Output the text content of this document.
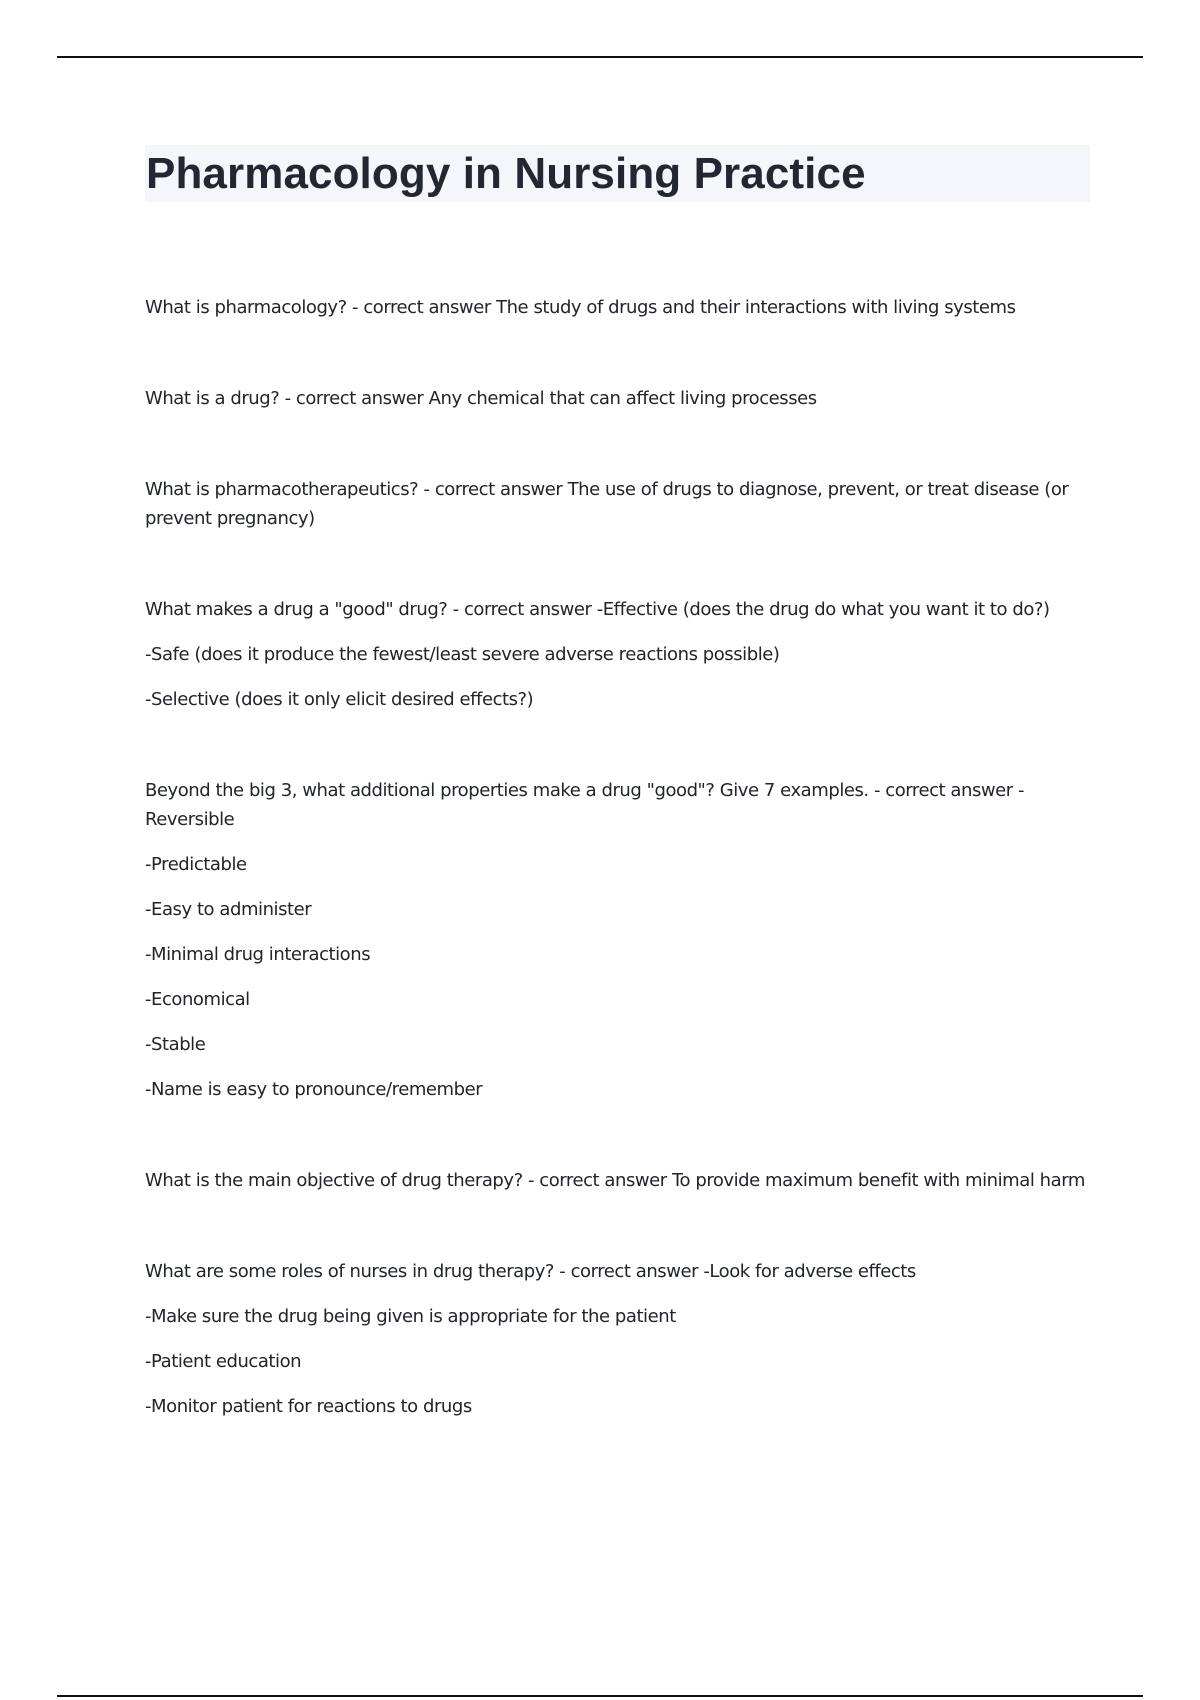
Pharmacology in Nursing Practice

What is pharmacology? - correct answer The study of drugs and their interactions with living systems

What is a drug? - correct answer Any chemical that can affect living processes

What is pharmacotherapeutics? - correct answer The use of drugs to diagnose, prevent, or treat disease (or prevent pregnancy)

What makes a drug a "good" drug? - correct answer -Effective (does the drug do what you want it to do?)

-Safe (does it produce the fewest/least severe adverse reactions possible)

-Selective (does it only elicit desired effects?)

Beyond the big 3, what additional properties make a drug "good"? Give 7 examples. - correct answer -Reversible

-Predictable

-Easy to administer

-Minimal drug interactions

-Economical

-Stable

-Name is easy to pronounce/remember

What is the main objective of drug therapy? - correct answer To provide maximum benefit with minimal harm

What are some roles of nurses in drug therapy? - correct answer -Look for adverse effects

-Make sure the drug being given is appropriate for the patient

-Patient education

-Monitor patient for reactions to drugs
